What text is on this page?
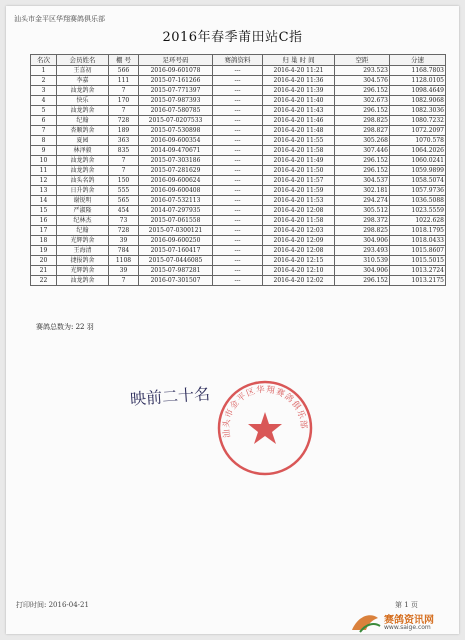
汕头市金平区华翔赛鸽俱乐部
2016年春季莆田站C指
名次	会员姓名	棚 号	足环号码	赛鸽资料	归 巢 时 间	空距	分速
1	王喜初	566	2016-09-601078	---	2016-4-20 11:21	293.523	1168.7803
2	李嘉	111	2015-07-161266	---	2016-4-20 11:36	304.576	1128.0105
3	汕龙鸽舍	7	2015-07-771397	---	2016-4-20 11:39	296.152	1098.4649
4	快乐	170	2015-07-987393	---	2016-4-20 11:40	302.673	1082.9068
5	汕龙鸽舍	7	2016-07-580785	---	2016-4-20 11:43	296.152	1082.3036
6	纪翰	728	2015-07-0207533	---	2016-4-20 11:46	298.825	1080.7232
7	杏顺鸽舍	189	2015-07-530898	---	2016-4-20 11:48	298.827	1072.2097
8	夏园	363	2016-09-600354	---	2016-4-20 11:55	305.268	1070.578
9	林泽毅	835	2014-09-470671	---	2016-4-20 11:58	307.446	1064.2026
10	汕龙鸽舍	7	2015-07-303186	---	2016-4-20 11:49	296.152	1060.0241
11	汕龙鸽舍	7	2015-07-281629	---	2016-4-20 11:50	296.152	1059.9899
12	汕头名鸽	150	2016-09-600624	---	2016-4-20 11:57	304.537	1058.5074
13	日升鸽舍	555	2016-09-600408	---	2016-4-20 11:59	302.181	1057.9736
14	谢锐明	565	2016-07-532113	---	2016-4-20 11:53	294.274	1036.5088
15	严淑隆	454	2014-07-297935	---	2016-4-20 12:08	305.512	1023.5559
16	纪林杰	73	2015-07-061558	---	2016-4-20 11:58	298.372	1022.628
17	纪翰	728	2015-07-0300121	---	2016-4-20 12:03	298.825	1018.1795
18	光辉鸽舍	39	2016-09-600250	---	2016-4-20 12:09	304.906	1018.0433
19	王海清	784	2015-07-160417	---	2016-4-20 12:08	293.493	1015.8607
20	捷报鸽舍	1108	2015-07-0446085	---	2016-4-20 12:15	310.539	1015.5015
21	光辉鸽舍	39	2015-07-987281	---	2016-4-20 12:10	304.906	1013.2724
22	汕龙鸽舍	7	2016-07-301507	---	2016-4-20 12:02	296.152	1013.2175
赛鸽总数为: 22 羽
映前二十名
汕头市金平区华翔赛鸽俱乐部
打印时间: 2016-04-21	第 1 页
赛鸽资讯网
www.saige.com
